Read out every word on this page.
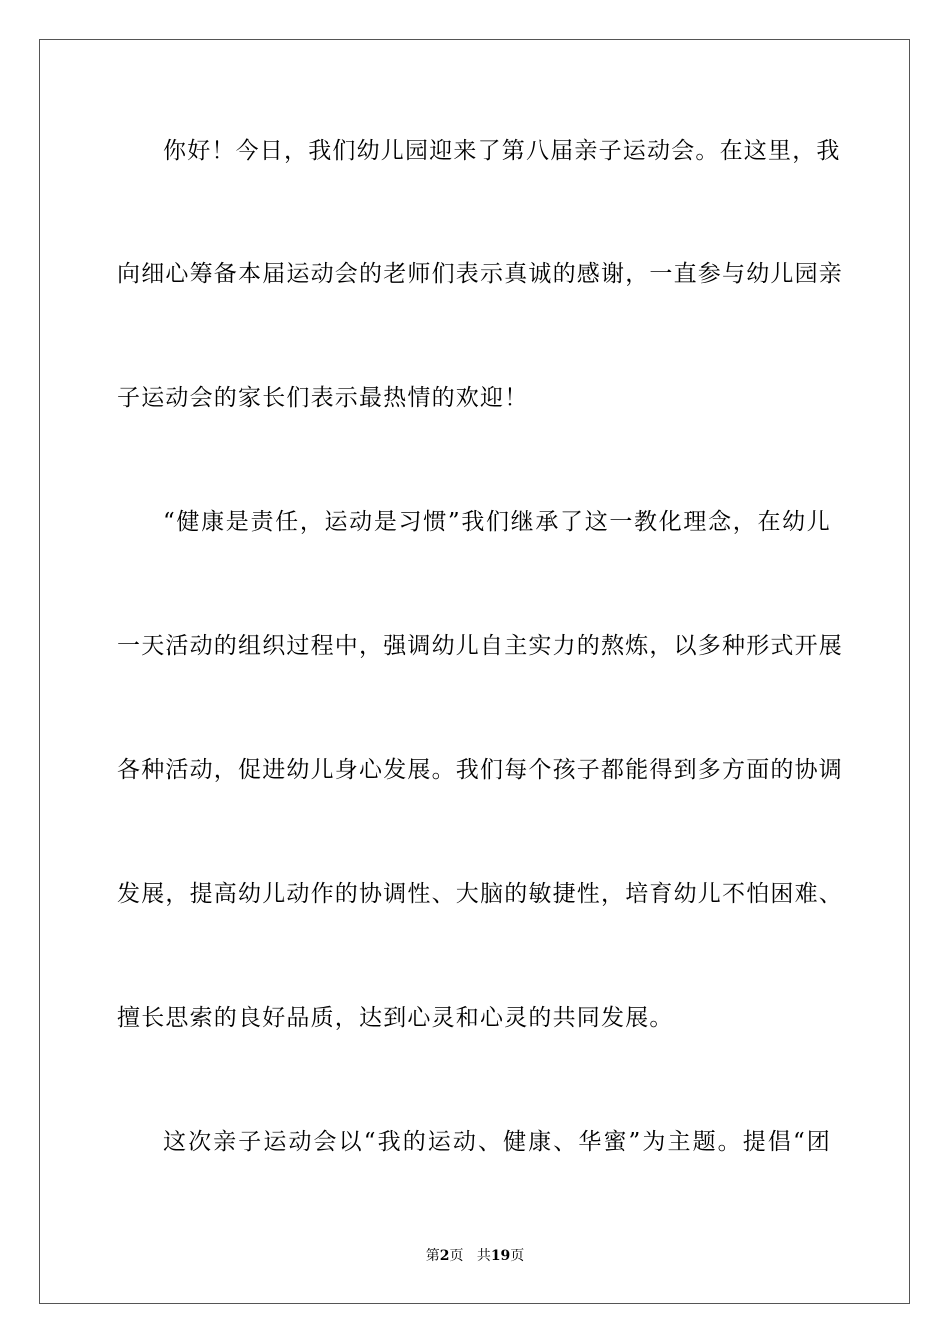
你好！今日，我们幼儿园迎来了第八届亲子运动会。在这里，我
向细心筹备本届运动会的老师们表示真诚的感谢，一直参与幼儿园亲
子运动会的家长们表示最热情的欢迎！
“健康是责任，运动是习惯”我们继承了这一教化理念，在幼儿
一天活动的组织过程中，强调幼儿自主实力的熬炼，以多种形式开展
各种活动，促进幼儿身心发展。我们每个孩子都能得到多方面的协调
发展，提高幼儿动作的协调性、大脑的敏捷性，培育幼儿不怕困难、
擅长思索的良好品质，达到心灵和心灵的共同发展。
这次亲子运动会以“我的运动、健康、华蜜”为主题。提倡“团
第2页 共19页
